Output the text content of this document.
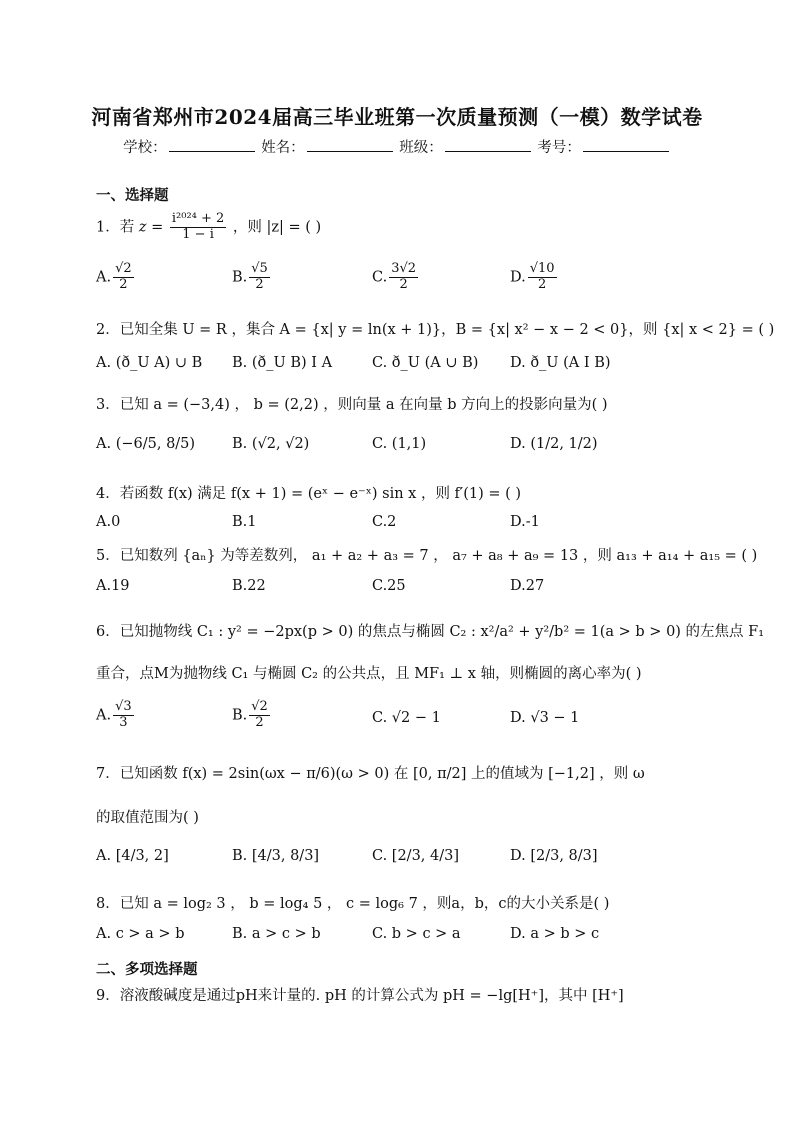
河南省郑州市2024届高三毕业班第一次质量预测（一模）数学试卷
学校：	姓名：	班级：	考号：
一、选择题
1．若 $z = \frac{\text{i²⁰²⁴ + 2}}{1 - i}$ ，则 |z| = ( )
A. $\frac{√2}{2}$	B. $\frac{√5}{2}$	C. $\frac{3√2}{2}$	D. $\frac{√10}{2}$
2．已知全集 U = R ，集合 A = {x| y = ln(x + 1)}，B = {x| x² − x − 2 < 0}，则 {x| x < 2} = ( )
A. (ð_U A) ∪ B B. (ð_U B) I A	C. ð_U (A ∪ B) D. ð_U (A I B)
3．已知 a = (−3,4) ， b = (2,2) ，则向量 a 在向量 b 方向上的投影向量为( )
A. (−6/5, 8/5)	B. (√2, √2)	C. (1,1)	D. (1/2, 1/2)
4．若函数 f(x) 满足 f(x + 1) = (eˣ − e⁻ˣ) sin x ，则 f′(1) = ( )
A.0	B.1	C.2	D.-1
5．已知数列 {aₙ} 为等差数列， a₁ + a₂ + a₃ = 7 ， a₇ + a₈ + a₉ = 13 ，则 a₁₃ + a₁₄ + a₁₅ = ( )
A.19	B.22	C.25	D.27
6．已知抛物线 C₁ : y² = −2px(p > 0) 的焦点与椭圆 C₂ : x²/a² + y²/b² = 1(a > b > 0) 的左焦点 F₁
重合，点M为抛物线 C₁ 与椭圆 C₂ 的公共点，且 MF₁ ⊥ x 轴，则椭圆的离心率为( )
A. $\frac{√3}{3}$	B. $\frac{√2}{2}$	C. √2 − 1	D. √3 − 1
7．已知函数 f(x) = 2sin(ωx − π/6)(ω > 0) 在 [0, π/2] 上的值域为 [−1,2] ，则 ω
的取值范围为( )
A. [4/3, 2]	B. [4/3, 8/3]	C. [2/3, 4/3]	D. [2/3, 8/3]
8．已知 a = log₂ 3 ， b = log₄ 5 ， c = log₆ 7 ，则a，b，c的大小关系是( )
A. c > a > b	B. a > c > b	C. b > c > a	D. a > b > c
二、多项选择题
9．溶液酸碱度是通过pH来计量的. pH 的计算公式为 pH = −lg[H⁺]，其中 [H⁺]
